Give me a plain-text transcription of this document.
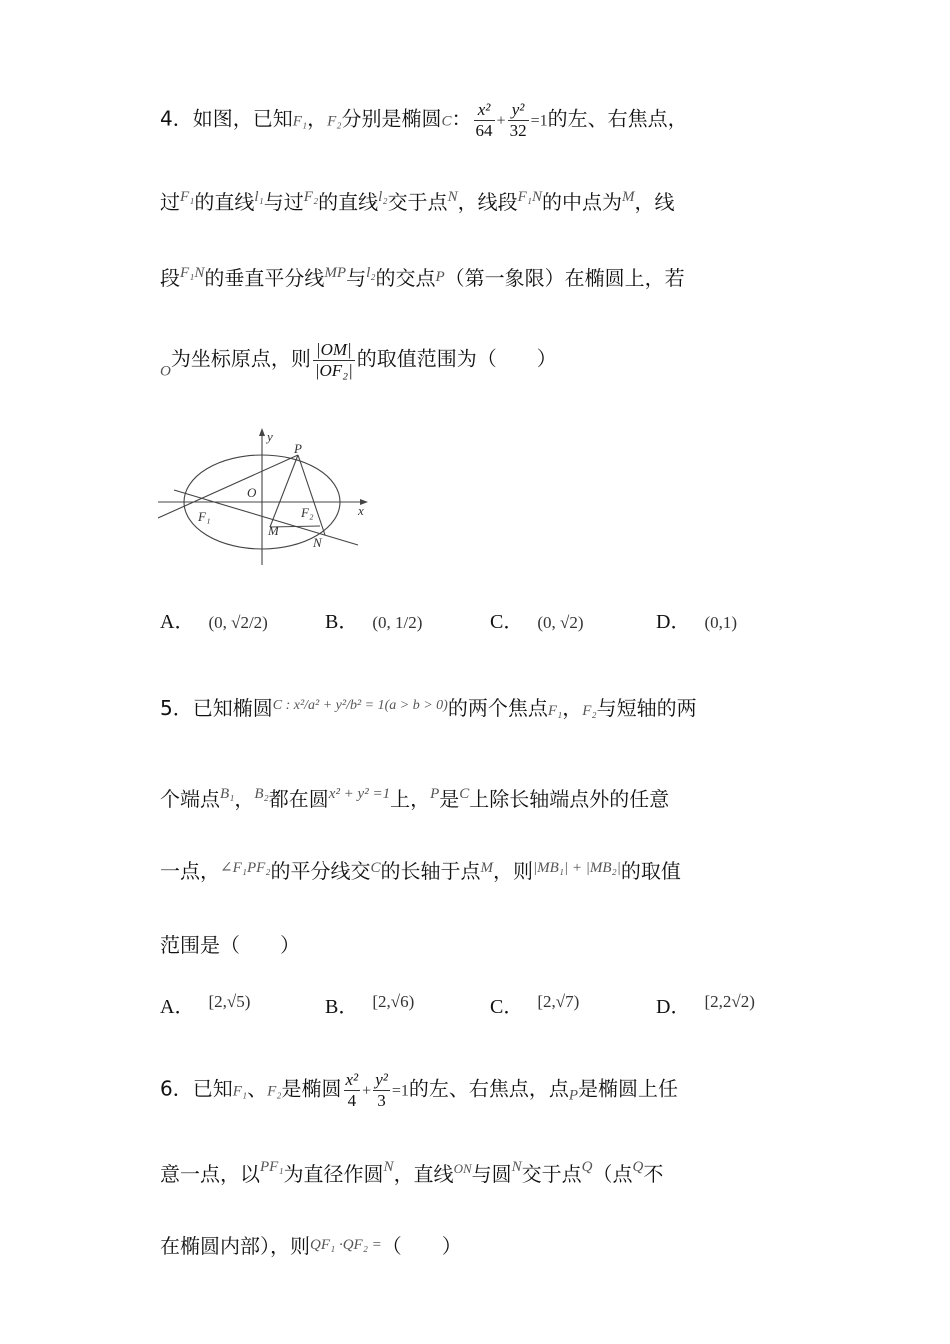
4．如图，已知F₁，F₂分别是椭圆C： $\frac{\text{x²}}{64} + \frac{\text{y²}}{32} =1$的左、右焦点，
过$^{F_1}$的直线$^{l_1}$与过$^{F_2}$的直线$^{l_2}$交于点$^N$，线段$^{F_1N}$的中点为$^M$，线
段$^{F_1N}$的垂直平分线$^{MP}$与$^{l_2}$的交点$^P$（第一象限）在椭圆上，若
$_O$为坐标原点，则 $\frac{|OM|}{\text{|OF₂|}}$ 的取值范围为（　　）
y
x
P
O
F₁	F₂
M
N
A． (0, √2/2)	B． (0, 1/2)	C． (0, √2)	D． (0,1)
5．已知椭圆$^{C : x^2/a^2 + y^2/b^2 = 1(a > b > 0)}$的两个焦点F₁，F₂与短轴的两
个端点$^{B_1}$，$^{B_2}$都在圆$^{x^2 + y^2 =1}$上，$^P$是$^C$上除长轴端点外的任意
一点，$^{\angle F_1PF_2}$的平分线交$^C$的长轴于点$^M$，则$^{|MB_1| + |MB_2|}$的取值
范围是（　　）
A． $^{[2,√5)}$	B． $^{[2,√6)}$	C． $^{[2,√7)}$	D． $^{[2,2√2)}$
6．已知F₁、F₂是椭圆 $\frac{\text{x²}}{4} + \frac{\text{y²}}{3} =1$的左、右焦点，点$_P$是椭圆上任
意一点，以$^{PF_1}$为直径作圆$^N$，直线$^{ON}$与圆$^N$交于点$^Q$（点$^Q$不
在椭圆内部），则$^{QF_1 \cdot QF_2 =}$（　　）
